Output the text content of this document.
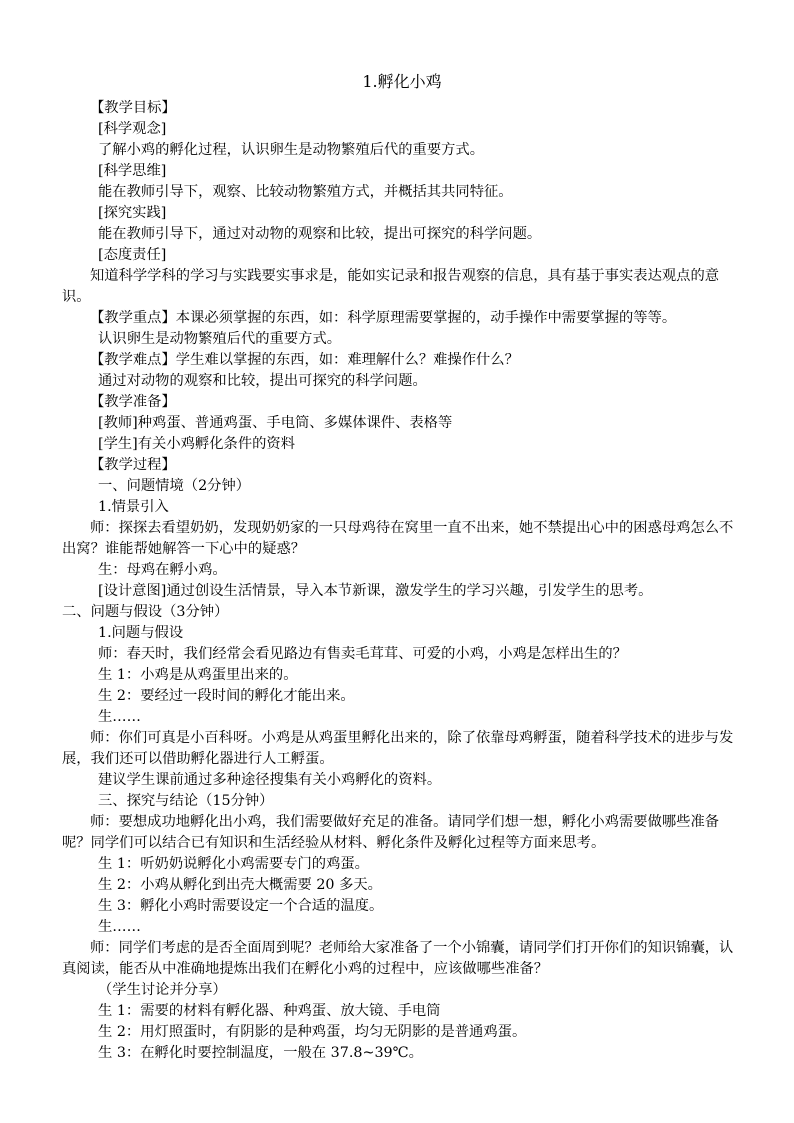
1.孵化小鸡
【教学目标】
[科学观念]
了解小鸡的孵化过程，认识卵生是动物繁殖后代的重要方式。
[科学思维]
能在教师引导下，观察、比较动物繁殖方式，并概括其共同特征。
[探究实践]
能在教师引导下，通过对动物的观察和比较，提出可探究的科学问题。
[态度责任]
知道科学学科的学习与实践要实事求是，能如实记录和报告观察的信息，具有基于事实表达观点的意识。
【教学重点】本课必须掌握的东西，如：科学原理需要掌握的，动手操作中需要掌握的等等。
认识卵生是动物繁殖后代的重要方式。
【教学难点】学生难以掌握的东西，如：难理解什么？难操作什么？
通过对动物的观察和比较，提出可探究的科学问题。
【教学准备】
[教师]种鸡蛋、普通鸡蛋、手电筒、多媒体课件、表格等
[学生]有关小鸡孵化条件的资料
【教学过程】
一、问题情境（2分钟）
1.情景引入
师：探探去看望奶奶，发现奶奶家的一只母鸡待在窝里一直不出来，她不禁提出心中的困惑母鸡怎么不出窝？谁能帮她解答一下心中的疑惑？
生：母鸡在孵小鸡。
[设计意图]通过创设生活情景，导入本节新课，激发学生的学习兴趣，引发学生的思考。
二、问题与假设（3分钟）
1.问题与假设
师：春天时，我们经常会看见路边有售卖毛茸茸、可爱的小鸡，小鸡是怎样出生的？
生 1：小鸡是从鸡蛋里出来的。
生 2：要经过一段时间的孵化才能出来。
生……
师：你们可真是小百科呀。小鸡是从鸡蛋里孵化出来的，除了依靠母鸡孵蛋，随着科学技术的进步与发展，我们还可以借助孵化器进行人工孵蛋。
建议学生课前通过多种途径搜集有关小鸡孵化的资料。
三、探究与结论（15分钟）
师：要想成功地孵化出小鸡，我们需要做好充足的准备。请同学们想一想，孵化小鸡需要做哪些准备呢？同学们可以结合已有知识和生活经验从材料、孵化条件及孵化过程等方面来思考。
生 1：听奶奶说孵化小鸡需要专门的鸡蛋。
生 2：小鸡从孵化到出壳大概需要 20 多天。
生 3：孵化小鸡时需要设定一个合适的温度。
生……
师：同学们考虑的是否全面周到呢？老师给大家准备了一个小锦囊，请同学们打开你们的知识锦囊，认真阅读，能否从中准确地提炼出我们在孵化小鸡的过程中，应该做哪些准备？
（学生讨论并分享）
生 1：需要的材料有孵化器、种鸡蛋、放大镜、手电筒
生 2：用灯照蛋时，有阴影的是种鸡蛋，均匀无阴影的是普通鸡蛋。
生 3：在孵化时要控制温度，一般在 37.8~39℃。
